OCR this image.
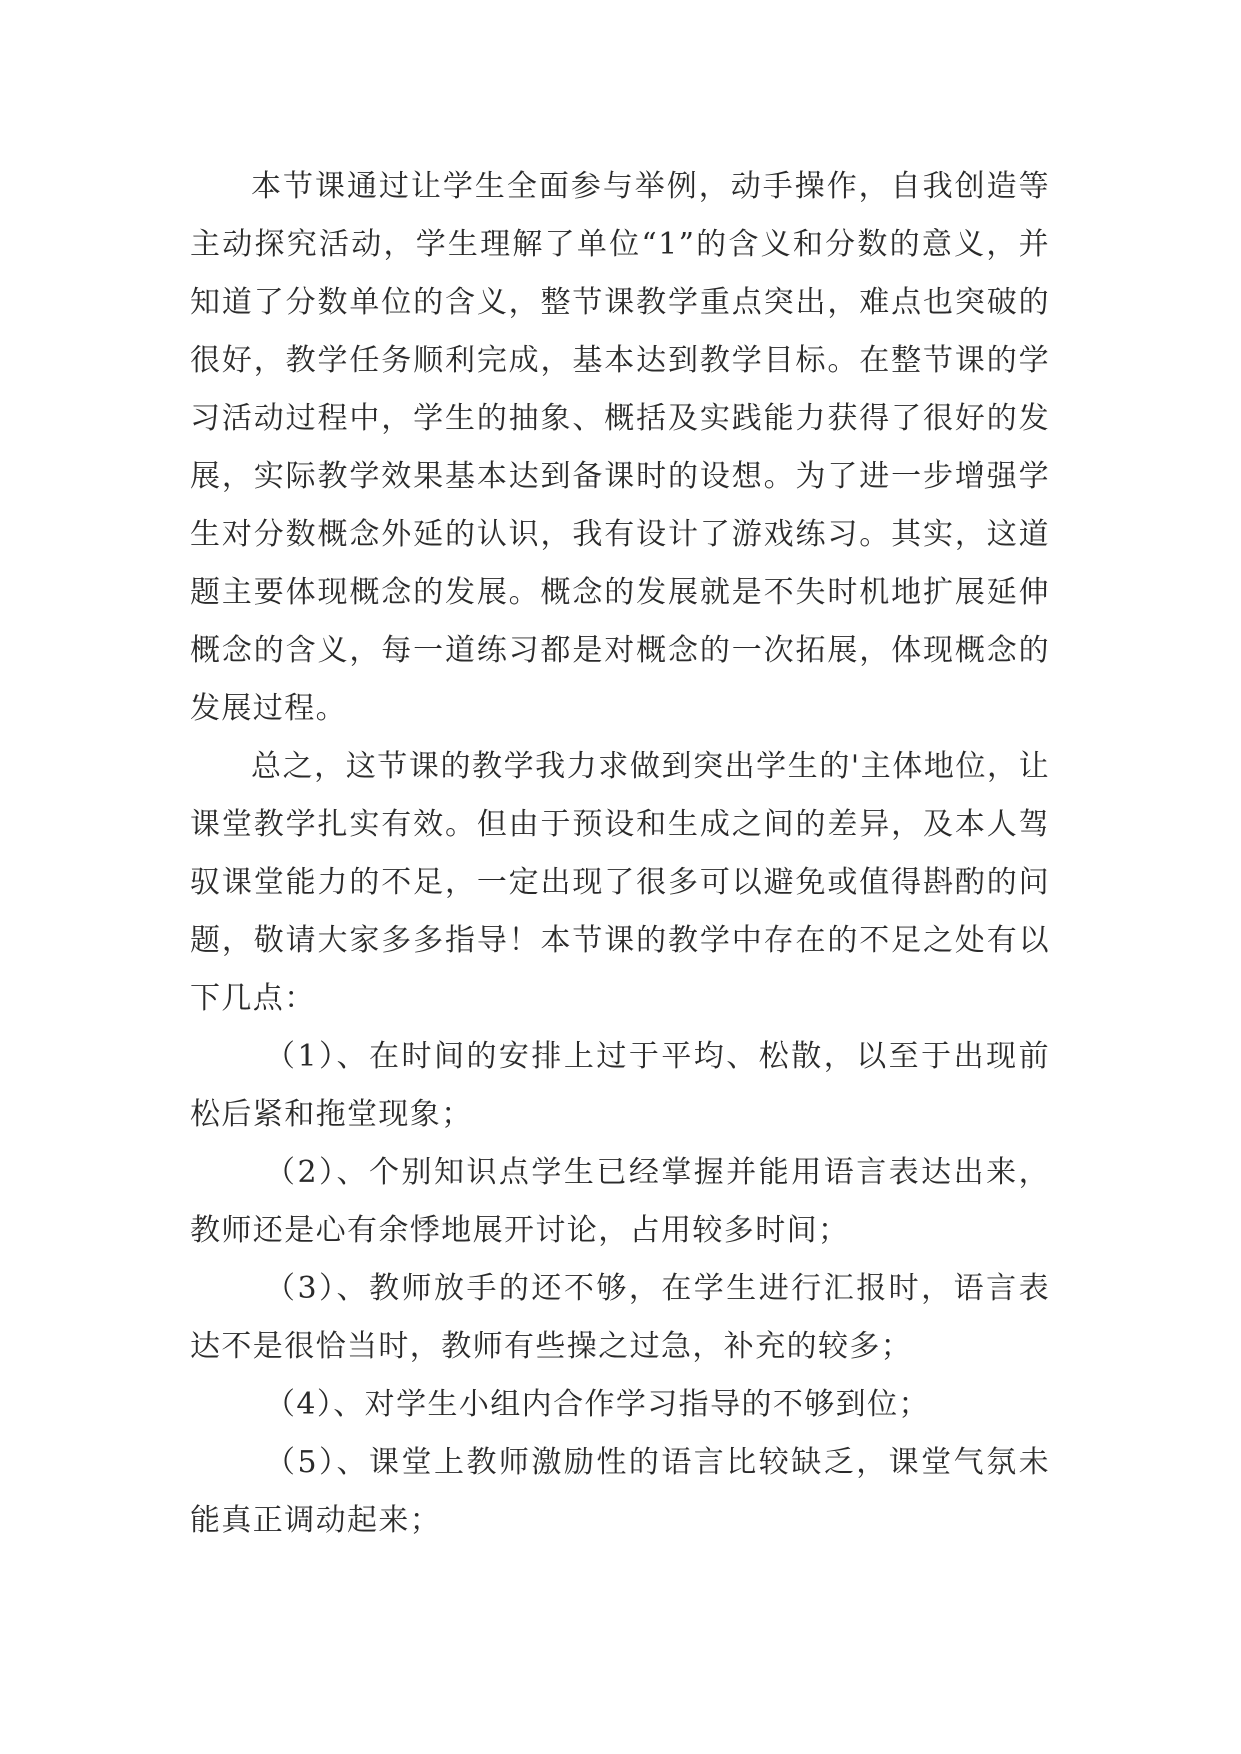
本节课通过让学生全面参与举例，动手操作，自我创造等主动探究活动，学生理解了单位“1”的含义和分数的意义，并知道了分数单位的含义，整节课教学重点突出，难点也突破的很好，教学任务顺利完成，基本达到教学目标。在整节课的学习活动过程中，学生的抽象、概括及实践能力获得了很好的发展，实际教学效果基本达到备课时的设想。为了进一步增强学生对分数概念外延的认识，我有设计了游戏练习。其实，这道题主要体现概念的发展。概念的发展就是不失时机地扩展延伸概念的含义，每一道练习都是对概念的一次拓展，体现概念的发展过程。

总之，这节课的教学我力求做到突出学生的'主体地位，让课堂教学扎实有效。但由于预设和生成之间的差异，及本人驾驭课堂能力的不足，一定出现了很多可以避免或值得斟酌的问题，敬请大家多多指导！本节课的教学中存在的不足之处有以下几点：

（1）、在时间的安排上过于平均、松散，以至于出现前松后紧和拖堂现象；

（2）、个别知识点学生已经掌握并能用语言表达出来，教师还是心有余悸地展开讨论，占用较多时间；

（3）、教师放手的还不够，在学生进行汇报时，语言表达不是很恰当时，教师有些操之过急，补充的较多；

（4）、对学生小组内合作学习指导的不够到位；

（5）、课堂上教师激励性的语言比较缺乏，课堂气氛未能真正调动起来；
